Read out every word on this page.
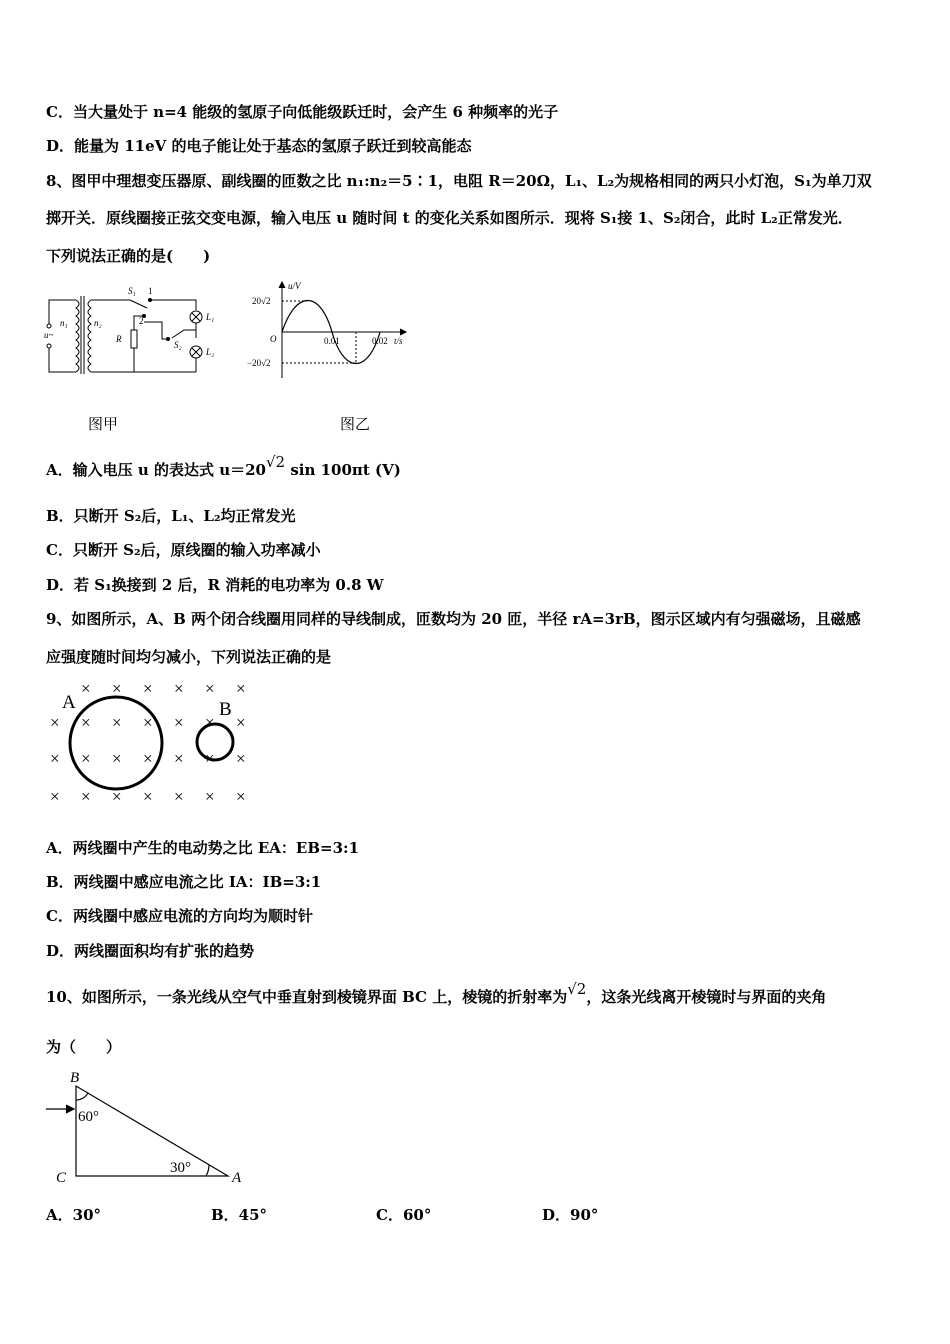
C．当大量处于 n=4 能级的氢原子向低能级跃迁时，会产生 6 种频率的光子
D．能量为 11eV 的电子能让处于基态的氢原子跃迁到较高能态
8、图甲中理想变压器原、副线圈的匝数之比 n₁:n₂＝5∶1，电阻 R＝20Ω，L₁、L₂为规格相同的两只小灯泡，S₁为单刀双
掷开关．原线圈接正弦交变电源，输入电压 u 随时间 t 的变化关系如图所示．现将 S₁接 1、S₂闭合，此时 L₂正常发光．
下列说法正确的是(　　)
S₁ 1
2
n₁	n₂
u~	R
S₂
L₁
L₂
u/V
20√2
−20√2
O	0.01	0.02 t/s
图甲	图乙
A．输入电压 u 的表达式 u＝20√2 sin 100πt (V)
B．只断开 S₂后，L₁、L₂均正常发光
C．只断开 S₂后，原线圈的输入功率减小
D．若 S₁换接到 2 后，R 消耗的电功率为 0.8 W
9、如图所示，A、B 两个闭合线圈用同样的导线制成，匝数均为 20 匝，半径 rA=3rB，图示区域内有匀强磁场，且磁感
应强度随时间均匀减小，下列说法正确的是
× × × × × ×
× × × × × × ×
× × × × × × ×
× × × × × × ×
A	B
A．两线圈中产生的电动势之比 EA：EB=3:1
B．两线圈中感应电流之比 IA：IB=3:1
C．两线圈中感应电流的方向均为顺时针
D．两线圈面积均有扩张的趋势
10、如图所示，一条光线从空气中垂直射到棱镜界面 BC 上，棱镜的折射率为√2，这条光线离开棱镜时与界面的夹角
为（　　）
B
C	A
60°
30°
A．30°	B．45°	C．60°	D．90°
